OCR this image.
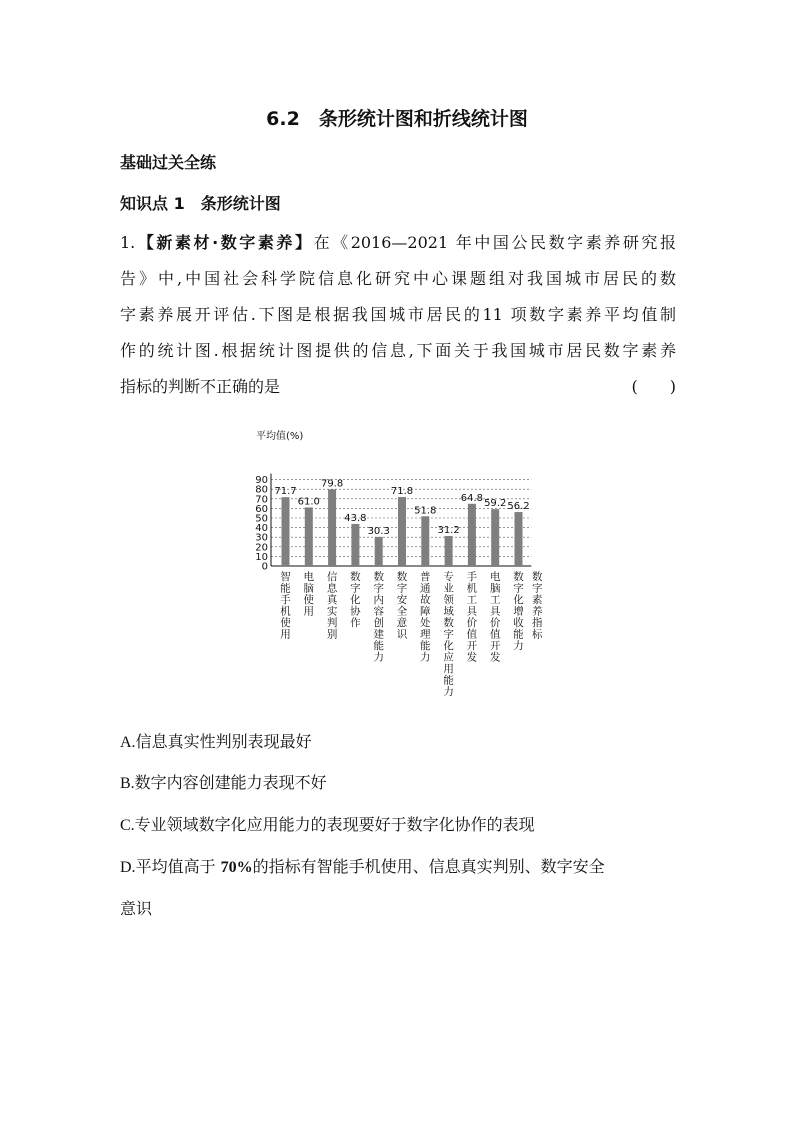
6.2　条形统计图和折线统计图
基础过关全练
知识点 1　条形统计图
1.【新素材·数字素养】在《2016—2021 年中国公民数字素养研究报
告》中,中国社会科学院信息化研究中心课题组对我国城市居民的数
字素养展开评估.下图是根据我国城市居民的11 项数字素养平均值制
作的统计图.根据统计图提供的信息,下面关于我国城市居民数字素养
指标的判断不正确的是	(　　)
平均值(%)
0
10
20
30
40
50
60
70
80
90
71.7
智
能
手
机
使
用
61.0
电
脑
使
用
79.8
信
息
真
实
判
别
43.8
数
字
化
协
作
30.3
数
字
内
容
创
建
能
力
71.8
数
字
安
全
意
识
51.8
普
通
故
障
处
理
能
力
31.2
专
业
领
域
数
字
化
应
用
能
力
64.8
手
机
工
具
价
值
开
发
59.2
电
脑
工
具
价
值
开
发
56.2
数
字
化
增
收
能
力
数
字
素
养
指
标
A.信息真实性判别表现最好
B.数字内容创建能力表现不好
C.专业领域数字化应用能力的表现要好于数字化协作的表现
D.平均值高于 70%的指标有智能手机使用、信息真实判别、数字安全
意识
